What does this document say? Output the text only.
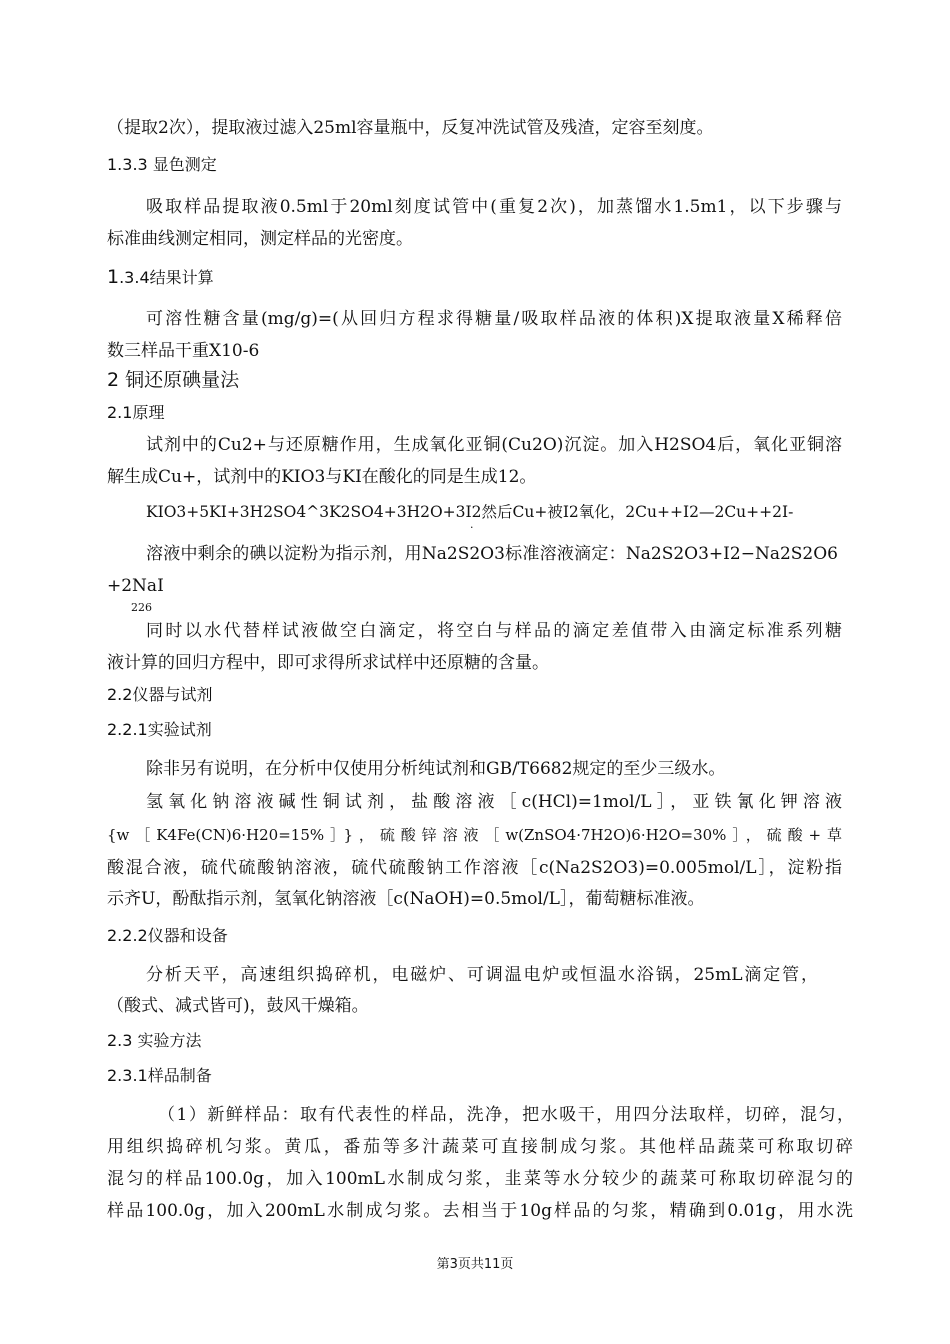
（提取2次），提取液过滤入25ml容量瓶中，反复冲洗试管及残渣，定容至刻度。
1.3.3 显色测定
吸取样品提取液0.5ml于20ml刻度试管中(重复2次)，加蒸馏水1.5m1，以下步骤与
标准曲线测定相同，测定样品的光密度。
1.3.4结果计算
可溶性糖含量(mg/g)=(从回归方程求得糖量/吸取样品液的体积)X提取液量X稀释倍
数三样品干重X10-6
2 铜还原碘量法
2.1原理
试剂中的Cu2+与还原糖作用，生成氧化亚铜(Cu2O)沉淀。加入H2SO4后，氧化亚铜溶
解生成Cu+，试剂中的KIO3与KI在酸化的同是生成12。
KIO3+5KI+3H2SO4^3K2SO4+3H2O+3I2然后Cu+被I2氧化，2Cu++I2—2Cu++2I-
·
溶液中剩余的碘以淀粉为指示剂，用Na2S2O3标准溶液滴定：Na2S2O3+I2−Na2S2O6
+2NaI
226
同时以水代替样试液做空白滴定，将空白与样品的滴定差值带入由滴定标准系列糖
液计算的回归方程中，即可求得所求试样中还原糖的含量。
2.2仪器与试剂
2.2.1实验试剂
除非另有说明，在分析中仅使用分析纯试剂和GB/T6682规定的至少三级水。
氢氧化钠溶液碱性铜试剂，盐酸溶液［c(HCl)=1mol/L］，亚铁氰化钾溶液
{w［K4Fe(CN)6·H20=15%］}，硫酸锌溶液［w(ZnSO4·7H2O)6·H2O=30%］，硫酸+草
酸混合液，硫代硫酸钠溶液，硫代硫酸钠工作溶液［c(Na2S2O3)=0.005mol/L］，淀粉指
示齐U，酚酞指示剂，氢氧化钠溶液［c(NaOH)=0.5mol/L］，葡萄糖标准液。
2.2.2仪器和设备
分析天平，高速组织捣碎机，电磁炉、可调温电炉或恒温水浴锅，25mL滴定管，
（酸式、减式皆可)，鼓风干燥箱。
2.3 实验方法
2.3.1样品制备
（1）新鲜样品：取有代表性的样品，洗净，把水吸干，用四分法取样，切碎，混匀，
用组织捣碎机匀浆。黄瓜，番茄等多汁蔬菜可直接制成匀浆。其他样品蔬菜可称取切碎
混匀的样品100.0g，加入100mL水制成匀浆，韭菜等水分较少的蔬菜可称取切碎混匀的
样品100.0g，加入200mL水制成匀浆。去相当于10g样品的匀浆，精确到0.01g，用水洗
第3页共11页
